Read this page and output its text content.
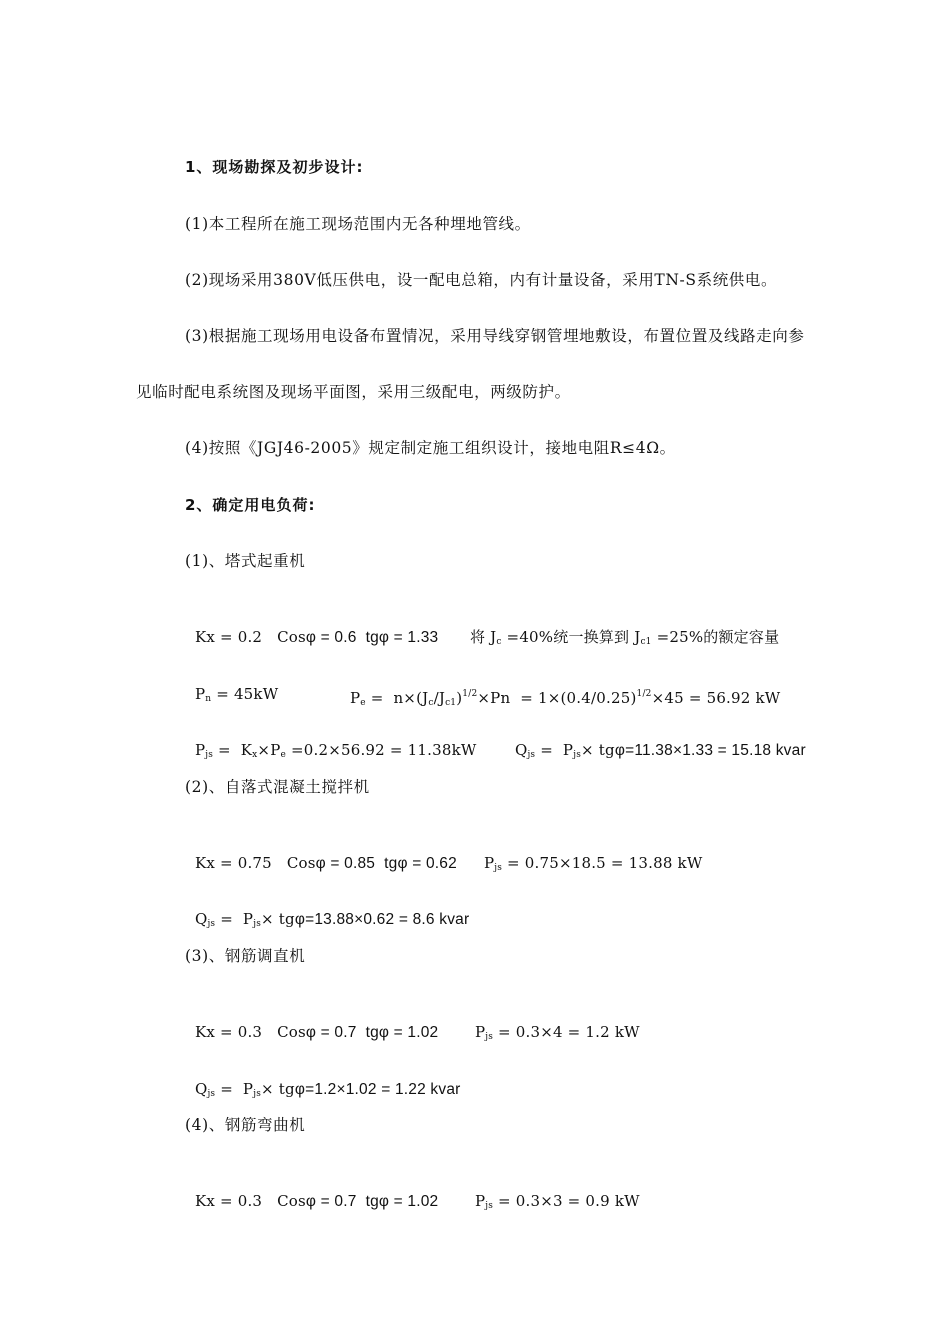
1、现场勘探及初步设计:
(1)本工程所在施工现场范围内无各种埋地管线。
(2)现场采用380V低压供电，设一配电总箱，内有计量设备，采用TN-S系统供电。
(3)根据施工现场用电设备布置情况，采用导线穿钢管埋地敷设，布置位置及线路走向参
见临时配电系统图及现场平面图，采用三级配电，两级防护。
(4)按照《JGJ46-2005》规定制定施工组织设计，接地电阻R≤4Ω。
2、确定用电负荷:
(1)、塔式起重机

Kx = 0.2 Cosφ = 0.6  tgφ = 1.33	将 $J_c =40\%$统一换算到 $J_{c1} =25\%$的额定容量

$P_n = 45kW$	$P_e = n\times(J_c/J_{c1})^{1/2}\times Pn = 1\times(0.4/0.25)^{1/2}\times 45 = 56.92$ kW

$P_{js} = K_x\times P_e =0.2\times 56.92 = 11.38kW$	$Q_{js} = P_{js}\times tg\varphi=11.38\times 1.33 = 15.18$ kvar

(2)、自落式混凝土搅拌机

Kx = 0.75 Cosφ = 0.85  tgφ = 0.62	$P_{js} = 0.75\times 18.5 = 13.88$ kW

$Q_{js} = P_{js}\times tg\varphi=13.88\times 0.62 = 8.6$ kvar

(3)、钢筋调直机

Kx = 0.3 Cosφ = 0.7  tgφ = 1.02	$P_{js} = 0.3\times 4 = 1.2$ kW

$Q_{js} = P_{js}\times tg\varphi=1.2\times 1.02 = 1.22$ kvar

(4)、钢筋弯曲机

Kx = 0.3 Cosφ = 0.7  tgφ = 1.02	$P_{js} = 0.3\times 3 = 0.9$ kW
